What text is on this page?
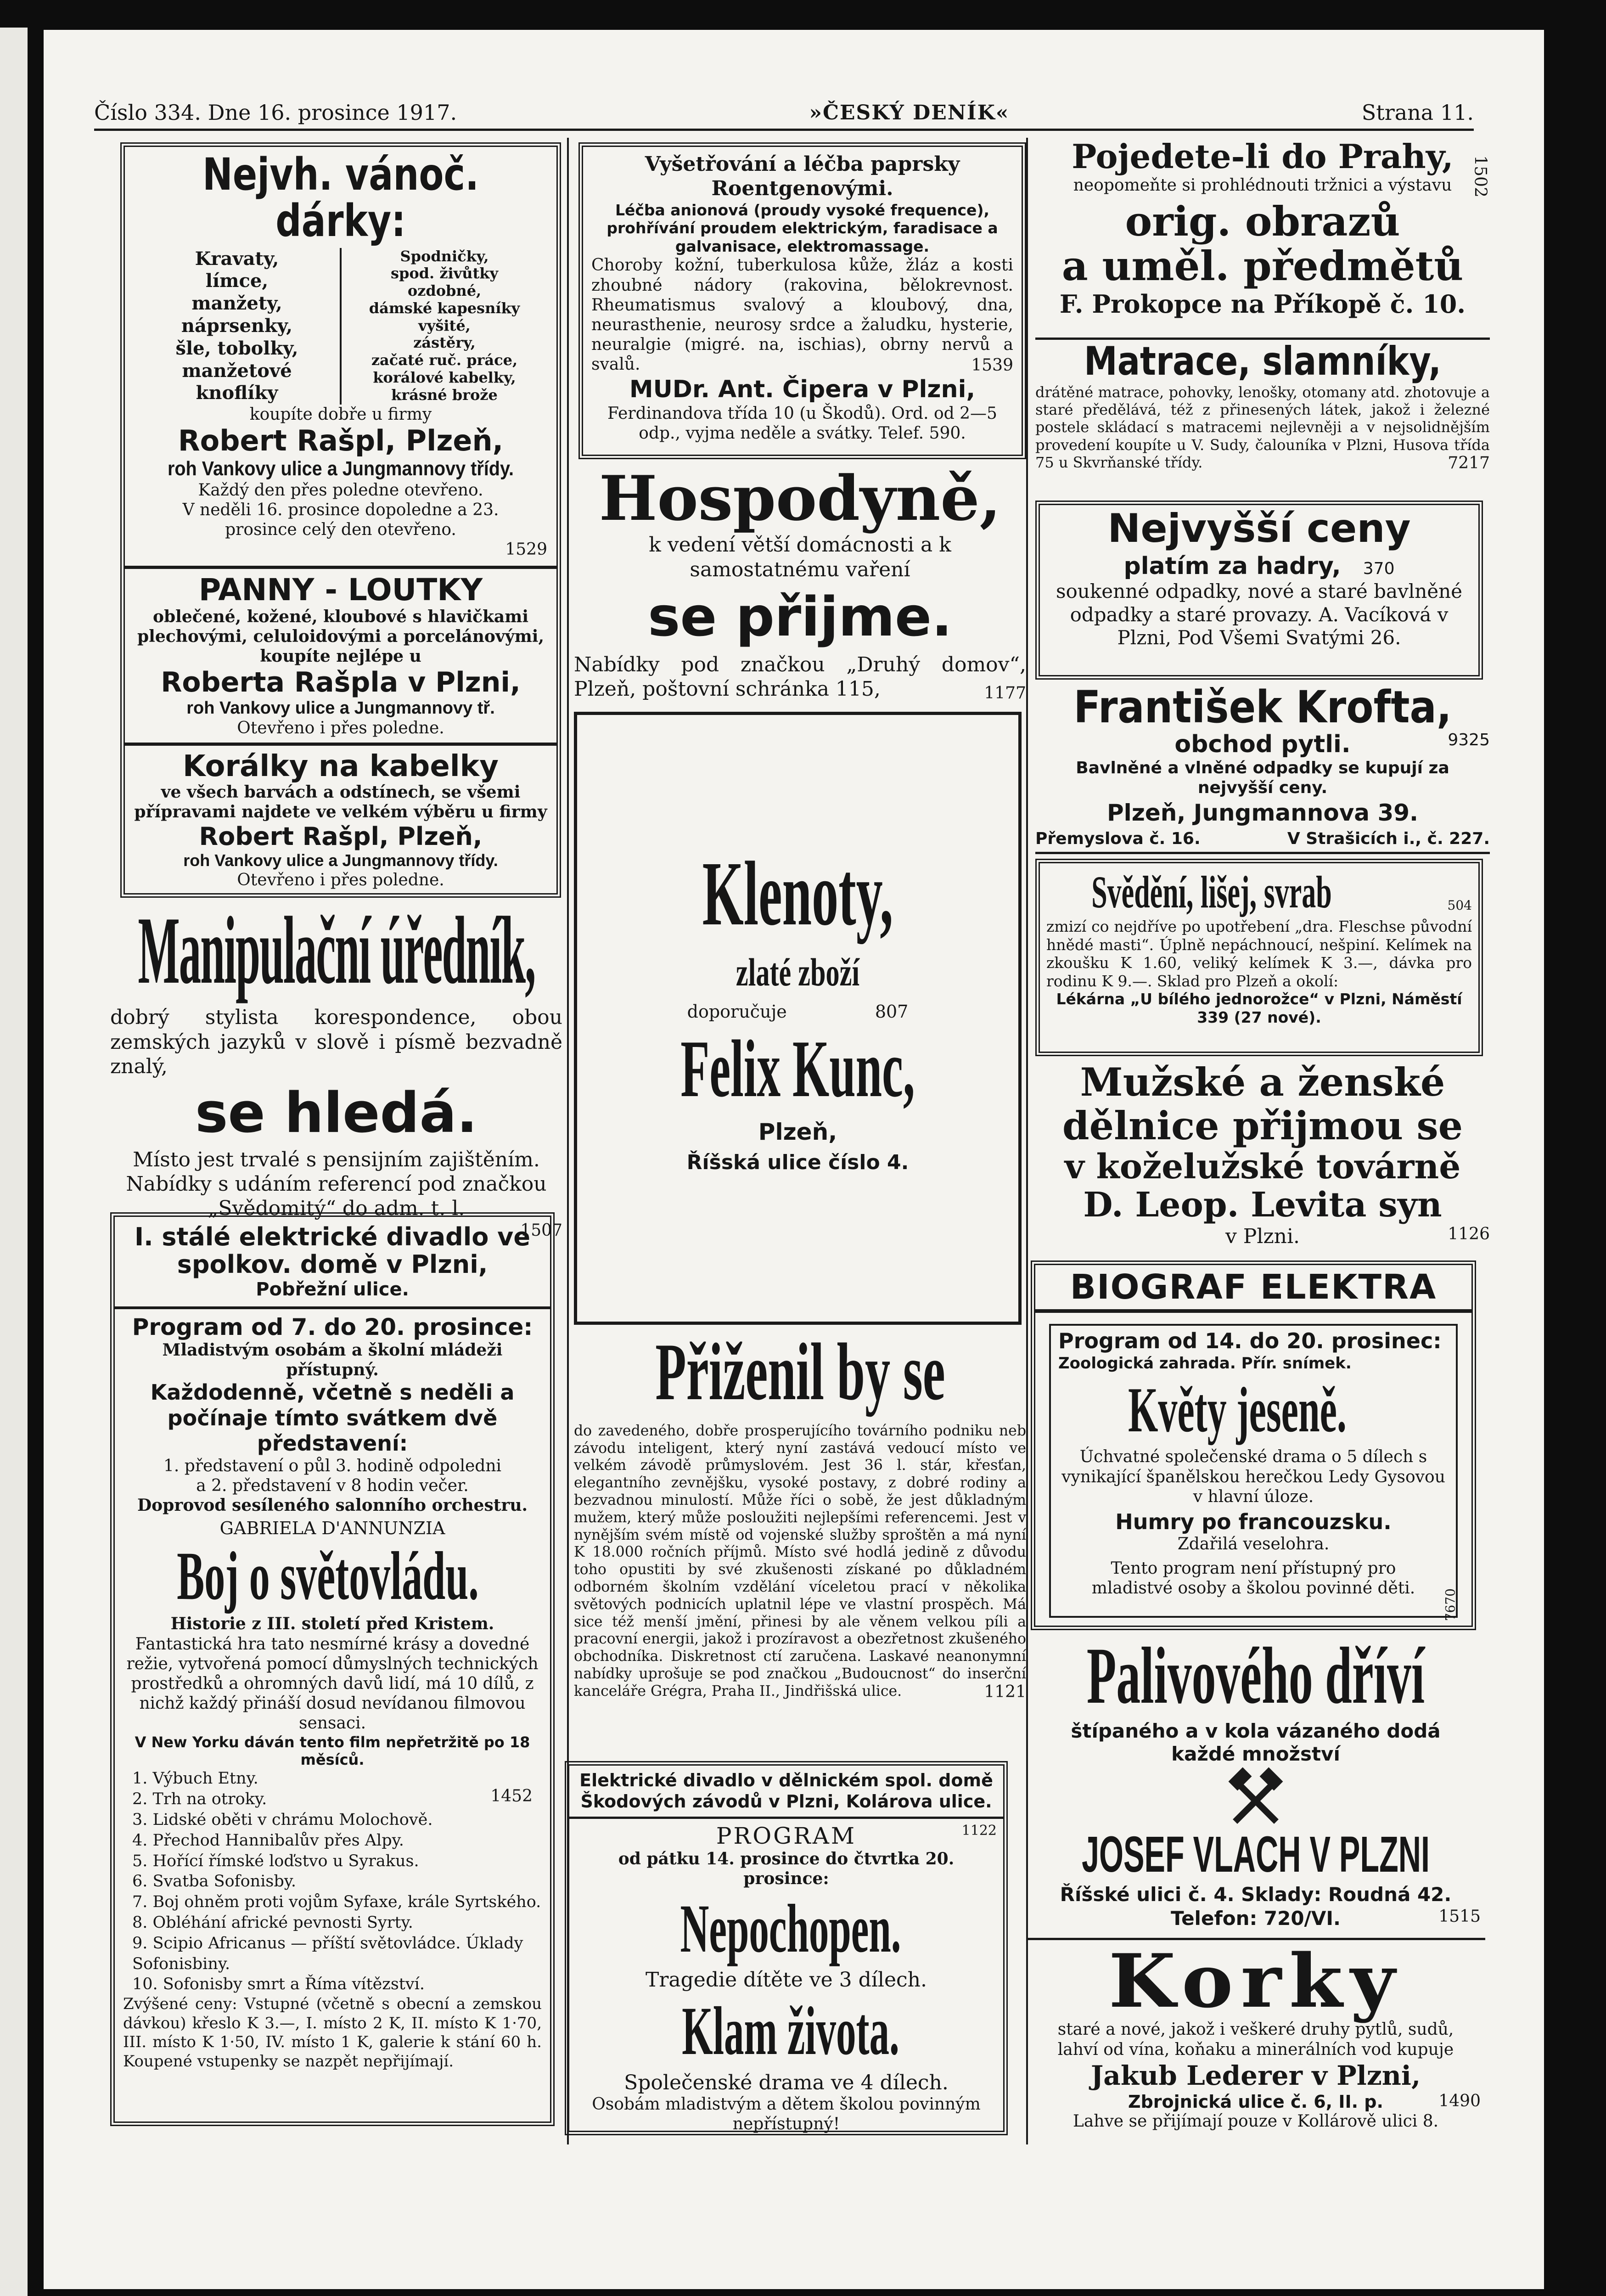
Číslo 334. Dne 16. prosince 1917.	»ČESKÝ DENÍK«	Strana 11.
Nejvh. vánoč. dárky:
Kravaty,
límce,
manžety,
náprsenky,
šle, tobolky,
manžetové
knoflíky
Spodničky,
spod. živůtky
ozdobné,
dámské kapesníky
vyšité,
zástěry,
začaté ruč. práce,
korálové kabelky,
krásné brože

koupíte dobře u firmy

Robert Rašpl, Plzeň,
roh Vankovy ulice a Jungmannovy třídy.

Každý den přes poledne otevřeno.

V neděli 16. prosince dopoledne a 23. prosince celý den otevřeno.

1529

PANNY - LOUTKY

oblečené, kožené, kloubové s hlavičkami plechovými, celuloidovými a porcelánovými, koupíte nejlépe u

Roberta Rašpla v Plzni,
roh Vankovy ulice a Jungmannovy tř.

Otevřeno i přes poledne.

Korálky na kabelky

ve všech barvách a odstínech, se všemi přípravami najdete ve velkém výběru u firmy

Robert Rašpl, Plzeň,
roh Vankovy ulice a Jungmannovy třídy.

Otevřeno i přes poledne.

Manipulační úředník,

dobrý stylista korespondence, obou zemských jazyků v slově i písmě bezvadně znalý,

se hledá.

Místo jest trvalé s pensijním zajištěním. Nabídky s udáním referencí pod značkou „Svědomitý“ do adm. t. l.

1507

I. stálé elektrické divadlo ve spolkov. domě v Plzni,
Pobřežní ulice.
Program od 7. do 20. prosince:

Mladistvým osobám a školní mládeži přístupný.

Každodenně, včetně s neděli a počínaje tímto svátkem dvě představení:

1. představení o půl 3. hodině odpoledni

a 2. představení v 8 hodin večer.

Doprovod sesíleného salonního orchestru.

GABRIELA D'ANNUNZIA

Boj o světovládu.

Historie z III. století před Kristem.

Fantastická hra tato nesmírné krásy a dovedné režie, vytvořená pomocí důmyslných technických prostředků a ohromných davů lidí, má 10 dílů, z nichž každý přináší dosud nevídanou filmovou sensaci.

V New Yorku dáván tento film nepřetržitě po 18 měsíců.

1452
1. Výbuch Etny.
2. Trh na otroky.
3. Lidské oběti v chrámu Molochově.
4. Přechod Hannibalův přes Alpy.
5. Hořící římské loďstvo u Syrakus.
6. Svatba Sofonisby.
7. Boj ohněm proti vojům Syfaxe, krále Syrtského.
8. Obléhání africké pevnosti Syrty.
9. Scipio Africanus — příští světovládce. Úklady Sofonisbiny.
10. Sofonisby smrt a Říma vítězství.

Zvýšené ceny: Vstupné (včetně s obecní a zemskou dávkou) křeslo K 3.—, I. místo 2 K, II. místo K 1·70, III. místo K 1·50, IV. místo 1 K, galerie k stání 60 h. Koupené vstupenky se nazpět nepřijímají.

Vyšetřování a léčba paprsky Roentgenovými.

Léčba anionová (proudy vysoké frequence), prohřívání proudem elektrickým, faradisace a galvanisace, elektromassage.

Choroby kožní, tuberkulosa kůže, žláz a kosti zhoubné nádory (rakovina, bělokrevnost. Rheumatismus svalový a kloubový, dna, neurasthenie, neurosy srdce a žaludku, hysterie, neuralgie (migré. na, ischias), obrny nervů a svalů.	1539

MUDr. Ant. Čipera v Plzni,

Ferdinandova třída 10 (u Škodů). Ord. od 2—5 odp., vyjma neděle a svátky. Telef. 590.

Hospodyně,

k vedení větší domácnosti a k samostatnému vaření

se přijme.

Nabídky pod značkou „Druhý domov“, Plzeň, poštovní schránka 115,	1177

Klenoty,
zlaté zboží

doporučuje	807

Felix Kunc,
Plzeň,
Říšská ulice číslo 4.
Přiženil by se

do zavedeného, dobře prosperujícího továrního podniku neb závodu inteligent, který nyní zastává vedoucí místo ve velkém závodě průmyslovém. Jest 36 l. stár, křesťan, elegantního zevnějšku, vysoké postavy, z dobré rodiny a bezvadnou minulostí. Může říci o sobě, že jest důkladným mužem, který může posloužiti nejlepšími referencemi. Jest v nynějším svém místě od vojenské služby sproštěn a má nyní K 18.000 ročních příjmů. Místo své hodlá jedině z důvodu toho opustiti by své zkušenosti získané po důkladném odborném školním vzdělání víceletou prací v několika světových podnicích uplatnil lépe ve vlastní prospěch. Má sice též menší jmění, přinesi by ale věnem velkou píli a pracovní energii, jakož i prozíravost a obezřetnost zkušeného obchodníka. Diskretnost ctí zaručena. Laskavé neanonymní nabídky uprošuje se pod značkou „Budoucnost“ do inserční kanceláře Grégra, Praha II., Jindřišská ulice.	1121

Elektrické divadlo v dělnickém spol. domě Škodových závodů v Plzni, Kolárova ulice.

PROGRAM	1122

od pátku 14. prosince do čtvrtka 20. prosince:

Nepochopen.

Tragedie dítěte ve 3 dílech.

Klam života.

Společenské drama ve 4 dílech.

Osobám mladistvým a dětem školou povinným nepřístupný!

Pojedete-li do Prahy,

neopomeňte si prohlédnouti tržnici a výstavu

orig. obrazů
a uměl. předmětů
F. Prokopce na Příkopě č. 10.
1502
Matrace, slamníky,

drátěné matrace, pohovky, lenošky, otomany atd. zhotovuje a staré předělává, též z přinesených látek, jakož i železné postele skládací s matracemi nejlevněji a v nejsolidnějším provedení koupíte u V. Sudy, čalouníka v Plzni, Husova třída 75 u Skvrňanské třídy.	7217

Nejvyšší ceny

platím za hadry, 370

soukenné odpadky, nové a staré bavlněné odpadky a staré provazy. A. Vacíková v Plzni, Pod Všemi Svatými 26.

František Krofta,

obchod pytli.	9325

Bavlněné a vlněné odpadky se kupují za nejvyšší ceny.

Plzeň, Jungmannova 39.

Přemyslova č. 16.	V Strašicích i., č. 227.

Svědění, lišej, svrab	504

zmizí co nejdříve po upotřebení „dra. Fleschse původní hnědé masti“. Úplně nepáchnoucí, nešpiní. Kelímek na zkoušku K 1.60, veliký kelímek K 3.—, dávka pro rodinu K 9.—. Sklad pro Plzeň a okolí:

Lékárna „U bílého jednorožce“ v Plzni, Náměstí 339 (27 nové).

Mužské a ženské
dělnice přijmou se
v koželužské továrně
D. Leop. Levita syn

v Plzni.	1126

BIOGRAF ELEKTRA
Program od 14. do 20. prosinec:

Zoologická zahrada. Přír. snímek.

Květy jeseně.

Úchvatné společenské drama o 5 dílech s vynikající španělskou herečkou Ledy Gysovou v hlavní úloze.

Humry po francouzsku.

Zdařilá veselohra.

Tento program není přístupný pro mladistvé osoby a školou povinné děti.

7670
Palivového dříví

štípaného a v kola vázaného dodá každé množství

JOSEF VLACH V PLZNI

Říšské ulici č. 4. Sklady: Roudná 42.

Telefon: 720/VI.	1515

Korky

staré a nové, jakož i veškeré druhy pytlů, sudů, lahví od vína, koňaku a minerálních vod kupuje

Jakub Lederer v Plzni,

Zbrojnická ulice č. 6, II. p.	1490

Lahve se přijímají pouze v Kollárově ulici 8.
